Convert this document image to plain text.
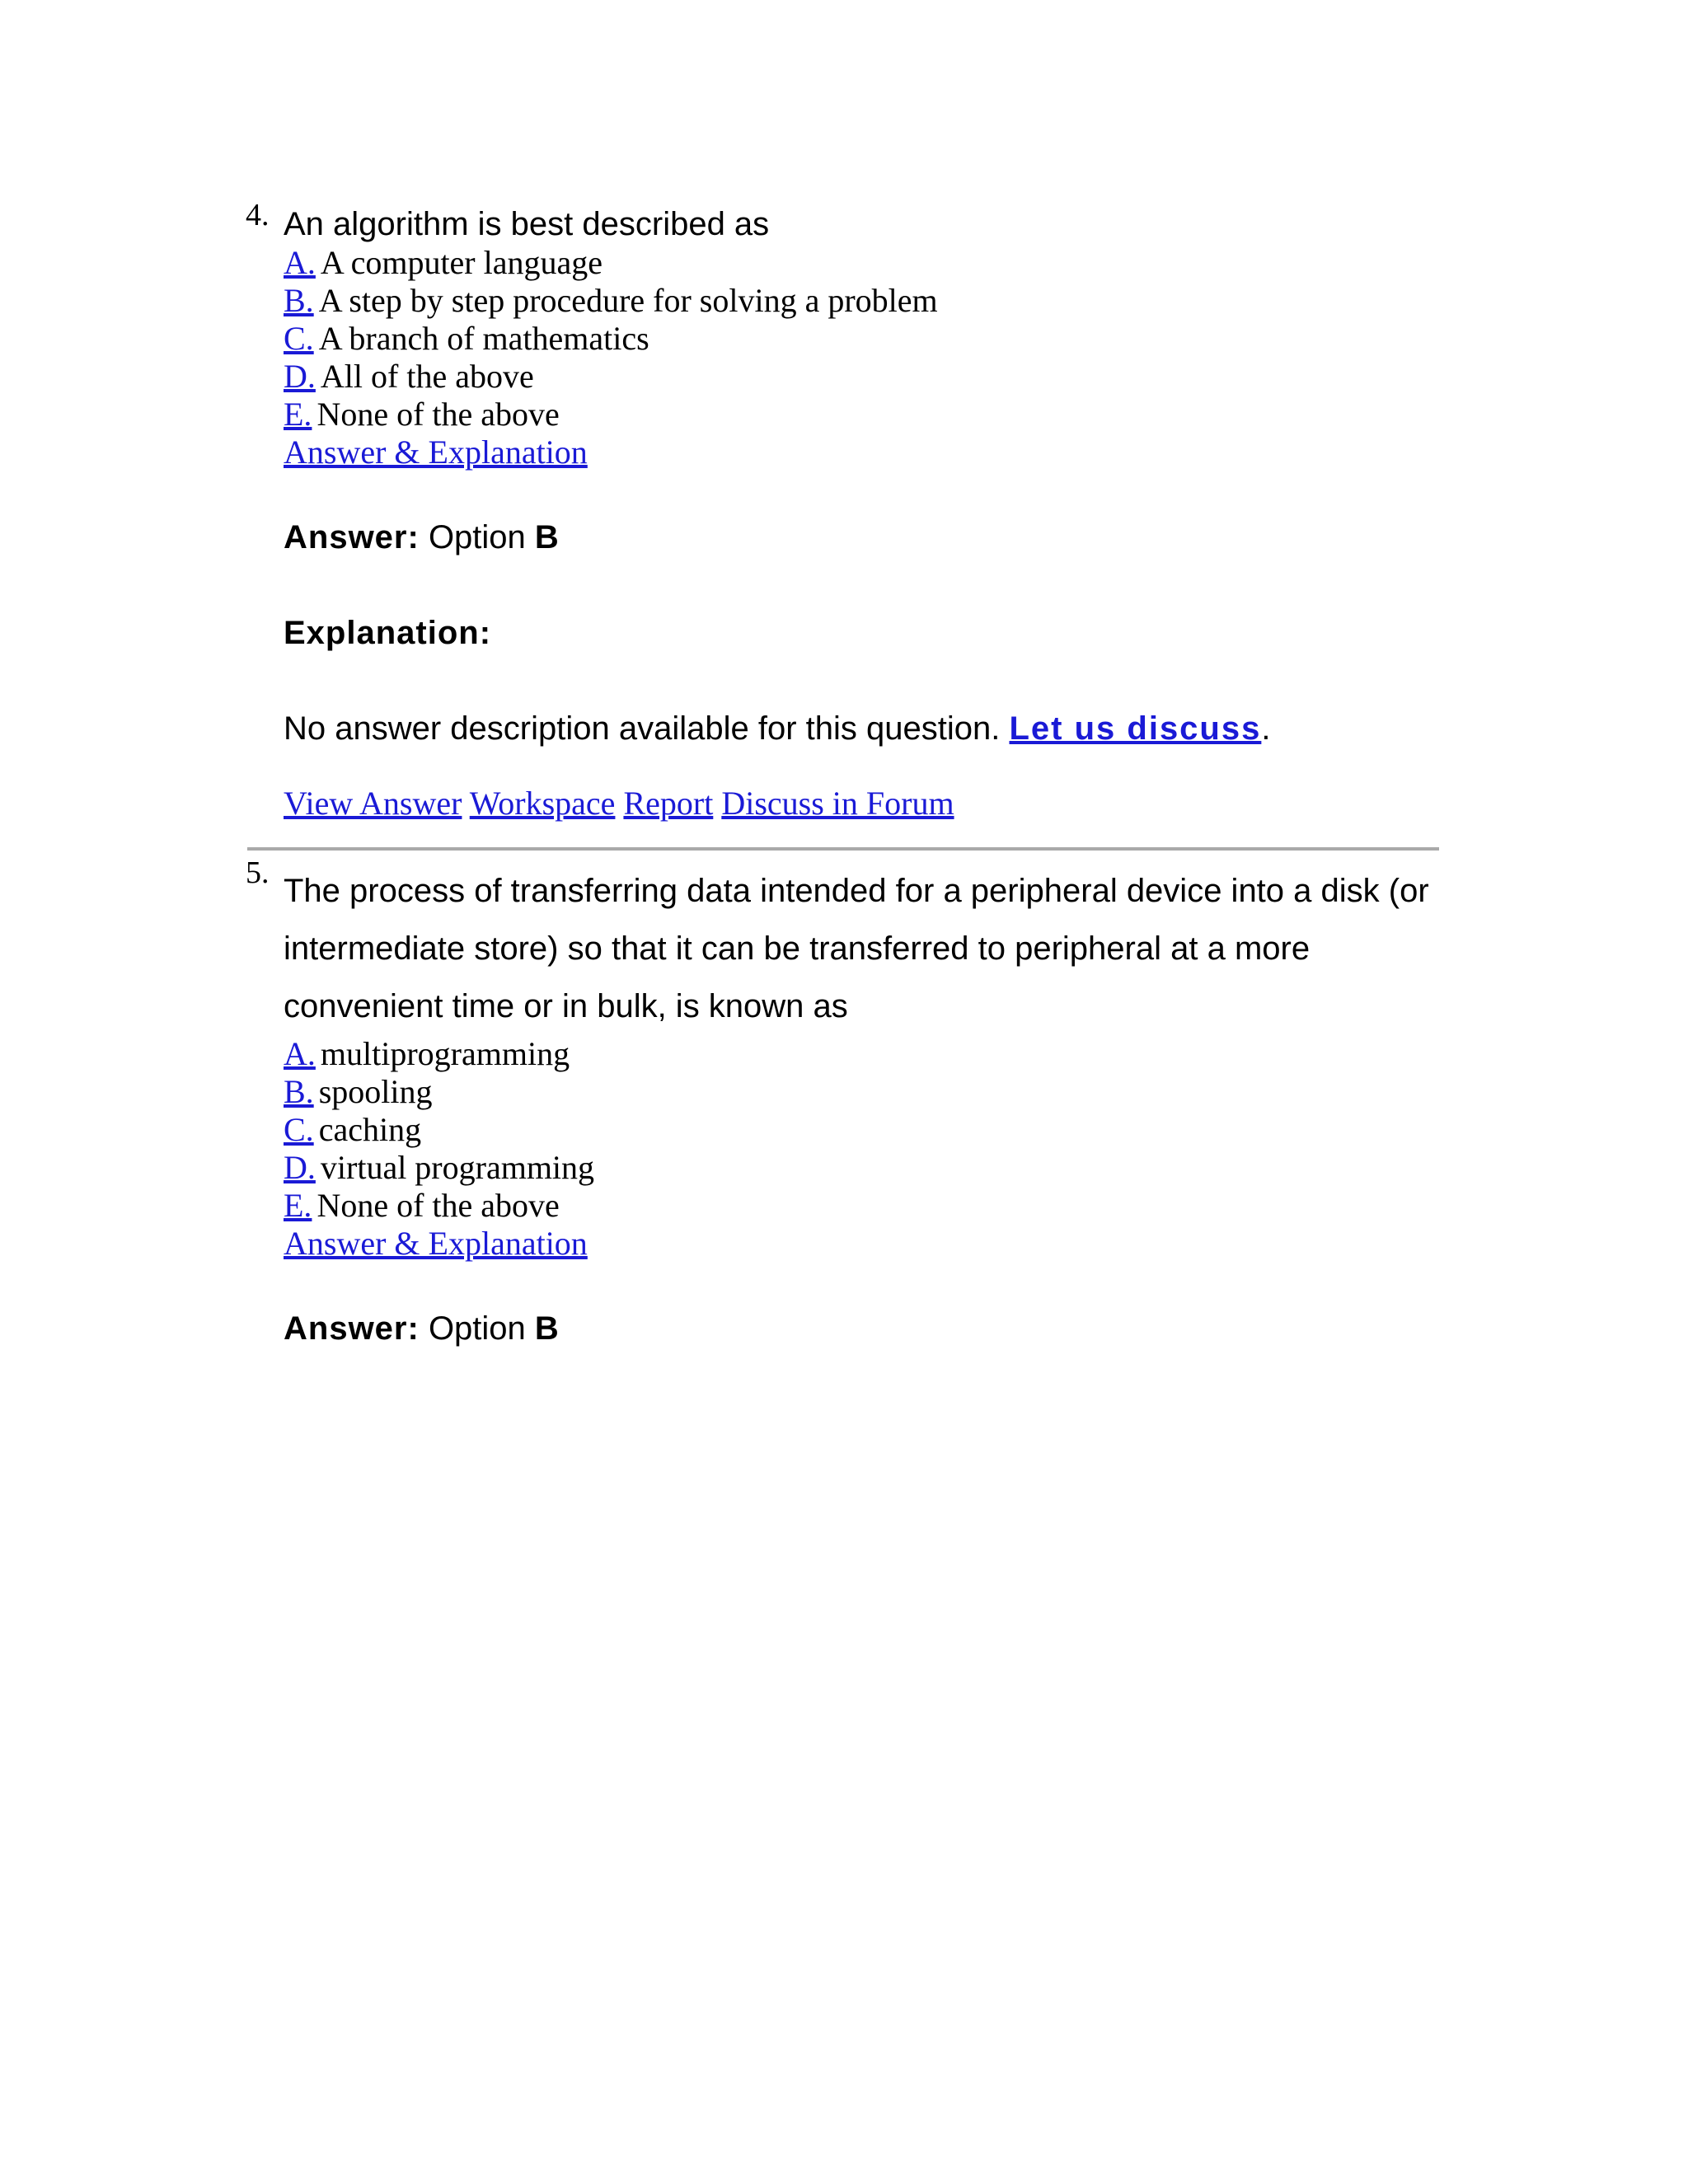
4. An algorithm is best described as

A. A computer language
B. A step by step procedure for solving a problem
C. A branch of mathematics
D. All of the above
E. None of the above
Answer & Explanation

Answer: Option B

Explanation:

No answer description available for this question. Let us discuss.

View Answer Workspace Report Discuss in Forum
5. The process of transferring data intended for a peripheral device into a disk (or
intermediate store) so that it can be transferred to peripheral at a more
convenient time or in bulk, is known as

A. multiprogramming
B. spooling
C. caching
D. virtual programming
E. None of the above
Answer & Explanation

Answer: Option B
